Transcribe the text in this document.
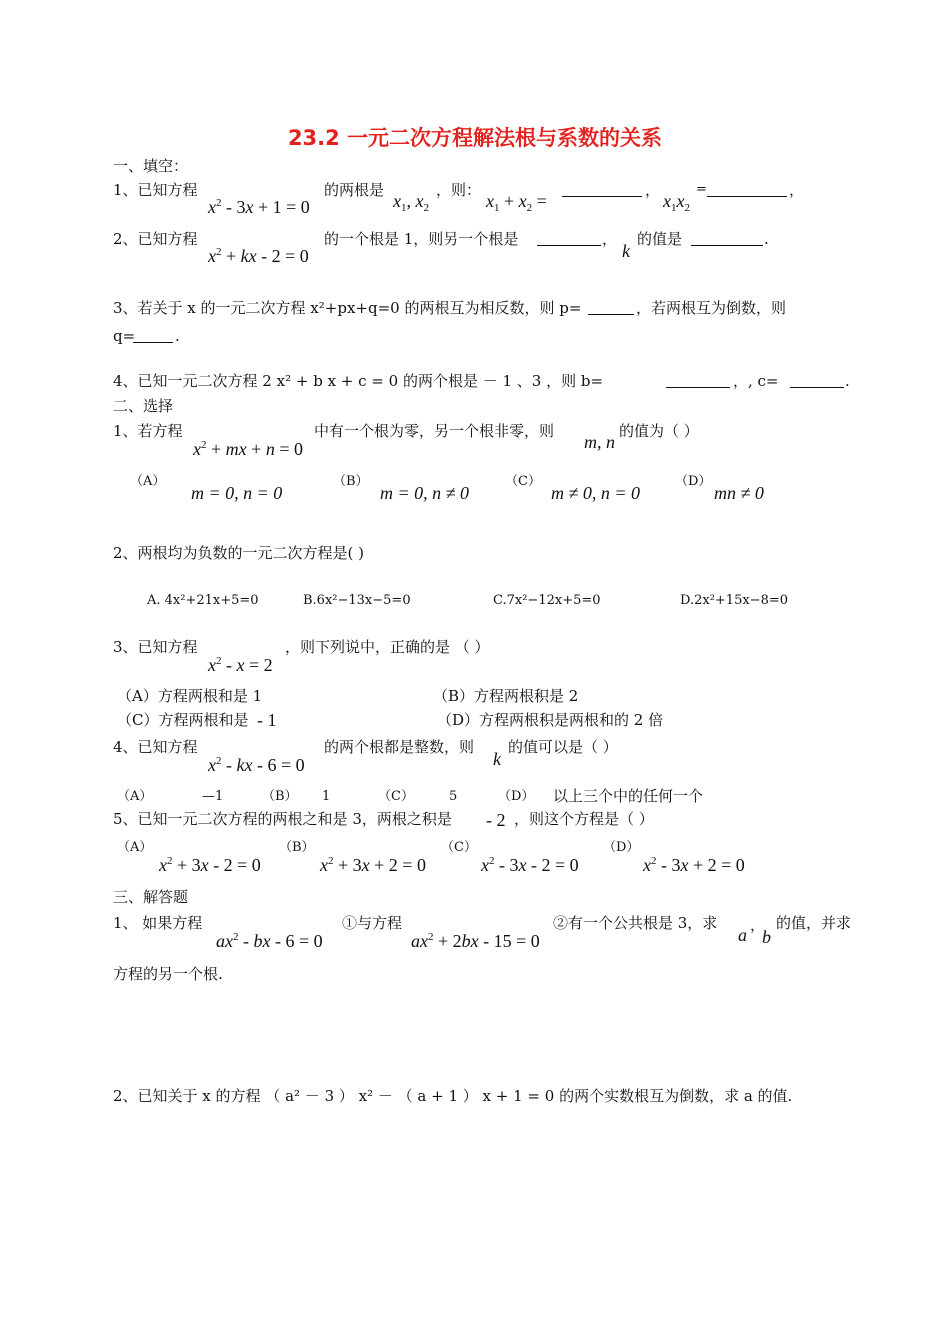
23.2 一元二次方程解法根与系数的关系
一、填空：
1、已知方程
$x^2 - 3x + 1 = 0$
的两根是
$x_1$, $x_2$
，则：
$x_1 + x_2$ =
，
$x_1x_2$
=	，
2、已知方程
$x^2$ + kx - 2 = 0
的一个根是 1，则另一个根是	，
k
的值是	.
3、若关于 x 的一元二次方程 x²+px+q=0 的两根互为相反数，则 p=	，若两根互为倒数，则
q=	.
4、已知一元二次方程 2 x² + b x + c = 0 的两个根是 － 1 、3 ，则 b=	，, c=	.
二、选择
1、若方程
$x^2$ + mx + n = 0
中有一个根为零，另一个根非零，则
m, n
的值为（ ）
（A）
m = 0, n = 0
（B）
m = 0, n ≠ 0
（C）
m ≠ 0, n = 0
（D）
mn ≠ 0
2、两根均为负数的一元二次方程是( )
A. 4x²+21x+5=0	B.6x²−13x−5=0	C.7x²−12x+5=0	D.2x²+15x−8=0
3、已知方程
$x^2 - x = 2$
，则下列说中，正确的是 （ ）
（A）方程两根和是 1	（B）方程两根积是 2
（C）方程两根和是 - 1	（D）方程两根积是两根和的 2 倍
4、已知方程
$x^2$ - kx - 6 = 0
的两个根都是整数，则
k
的值可以是（ ）
（A）	—1	（B） 1	（C）	5	（D） 以上三个中的任何一个
5、已知一元二次方程的两根之和是 3，两根之积是 - 2 ，则这个方程是（ ）
（A）
$x^2 + 3x - 2 = 0$
（B）
$x^2 + 3x + 2 = 0$
（C）
$x^2 - 3x - 2 = 0$
（D）
$x^2 - 3x + 2 = 0$
三、解答题
1、 如果方程
$ax^2$ - bx - 6 = 0
①与方程
$ax^2 + 2bx - 15 = 0$
②有一个公共根是 3，求
a ，
b
的值，并求
方程的另一个根.
2、已知关于 x 的方程 （ a² － 3 ） x² － （ a + 1 ） x + 1 = 0 的两个实数根互为倒数，求 a 的值.
